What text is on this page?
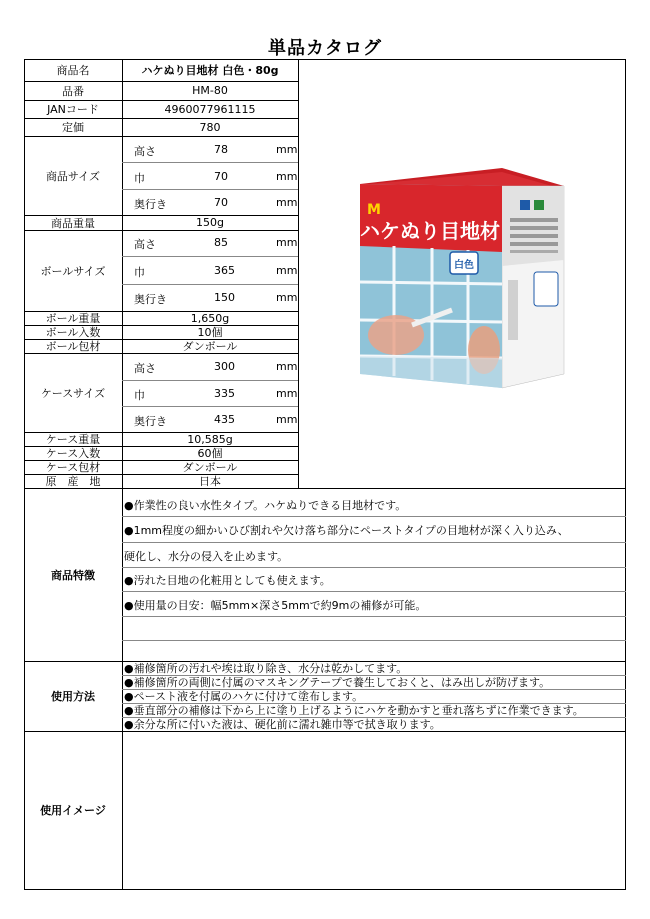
単品カタログ
商品名	ハケぬり目地材 白色・80g
品番	HM-80
JANコード	4960077961115
定価	780
商品サイズ
高さ	78	mm
巾	70	mm
奥行き	70	mm
商品重量	150g
ボールサイズ
高さ	85	mm
巾	365	mm
奥行き	150	mm
ボール重量	1,650g
ボール入数	10個
ボール包材	ダンボール
ケースサイズ
高さ	300	mm
巾	335	mm
奥行き	435	mm
ケース重量	10,585g
ケース入数	60個
ケース包材	ダンボール
原　産　地	日本
M
ハケぬり目地材
白色
商品特徴
●作業性の良い水性タイプ。ハケぬりできる目地材です。
●1mm程度の細かいひび割れや欠け落ち部分にペーストタイプの目地材が深く入り込み、
硬化し、水分の侵入を止めます。
●汚れた目地の化粧用としても使えます。
●使用量の目安：幅5mm×深さ5mmで約9mの補修が可能。
使用方法
●補修箇所の汚れや埃は取り除き、水分は乾かしてます。
●補修箇所の両側に付属のマスキングテープで養生しておくと、はみ出しが防げます。
●ペースト液を付属のハケに付けて塗布します。
●垂直部分の補修は下から上に塗り上げるようにハケを動かすと垂れ落ちずに作業できます。
●余分な所に付いた液は、硬化前に濡れ雑巾等で拭き取ります。
使用イメージ
